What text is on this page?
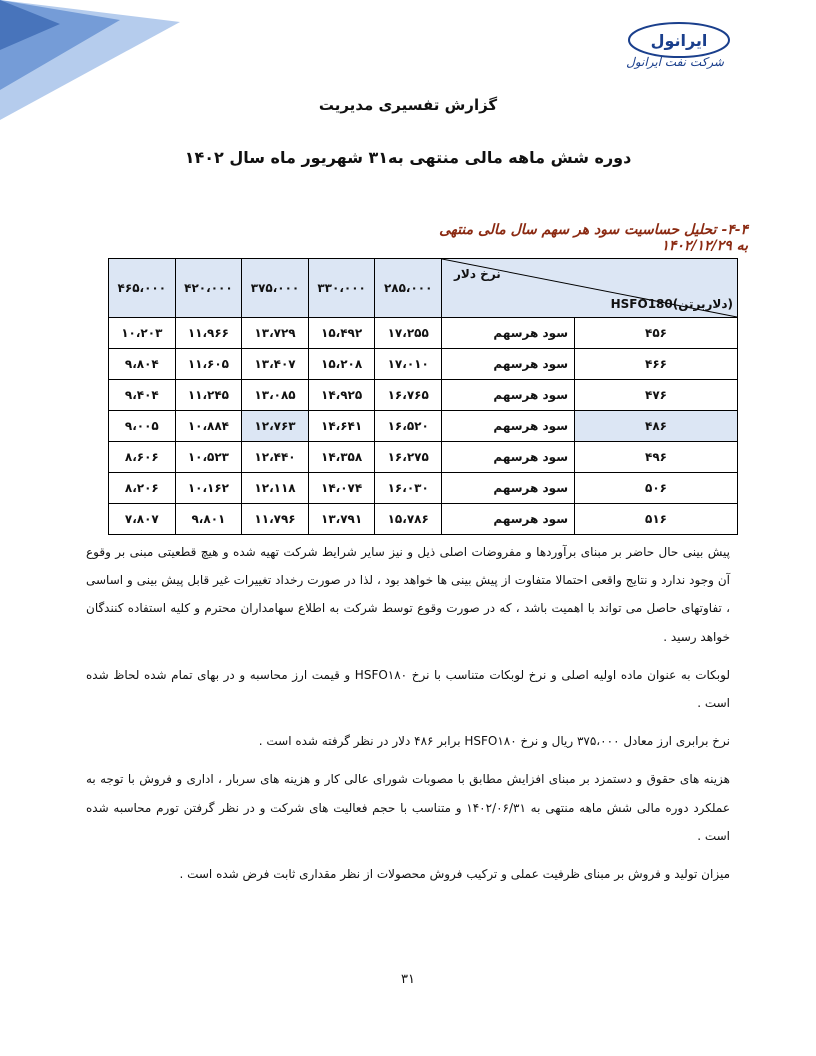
ایرانول
شرکت نفت ایرانول
گزارش تفسیری مدیریت
دوره شش ماهه مالی منتهی به۳۱ شهریور ماه سال ۱۴۰۲
۴-۴- تحلیل حساسیت سود هر سهم سال مالی منتهی به ۱۴۰۲/۱۲/۲۹
نرخ دلار
HSFO180(دلاربرتن)		۲۸۵،۰۰۰	۳۳۰،۰۰۰	۳۷۵،۰۰۰	۴۲۰،۰۰۰	۴۶۵،۰۰۰
۴۵۶	سود هرسهم	۱۷،۲۵۵	۱۵،۴۹۲	۱۳،۷۲۹	۱۱،۹۶۶	۱۰،۲۰۳
۴۶۶	سود هرسهم	۱۷،۰۱۰	۱۵،۲۰۸	۱۳،۴۰۷	۱۱،۶۰۵	۹،۸۰۴
۴۷۶	سود هرسهم	۱۶،۷۶۵	۱۴،۹۲۵	۱۳،۰۸۵	۱۱،۲۴۵	۹،۴۰۴
۴۸۶	سود هرسهم	۱۶،۵۲۰	۱۴،۶۴۱	۱۲،۷۶۳	۱۰،۸۸۴	۹،۰۰۵
۴۹۶	سود هرسهم	۱۶،۲۷۵	۱۴،۳۵۸	۱۲،۴۴۰	۱۰،۵۲۳	۸،۶۰۶
۵۰۶	سود هرسهم	۱۶،۰۳۰	۱۴،۰۷۴	۱۲،۱۱۸	۱۰،۱۶۲	۸،۲۰۶
۵۱۶	سود هرسهم	۱۵،۷۸۶	۱۳،۷۹۱	۱۱،۷۹۶	۹،۸۰۱	۷،۸۰۷

پیش بینی حال حاضر بر مبنای برآوردها و مفروضات اصلی ذیل و نیز سایر شرایط شرکت تهیه شده و هیچ قطعیتی مبنی بر وقوع آن وجود ندارد و نتایج واقعی احتمالا متفاوت از پیش بینی ها خواهد بود ، لذا در صورت رخداد تغییرات غیر قابل پیش بینی و اساسی ، تفاوتهای حاصل می تواند با اهمیت باشد ، که در صورت وقوع توسط شرکت به اطلاع سهامداران محترم و کلیه استفاده کنندگان خواهد رسید .

لوبکات به عنوان ماده اولیه اصلی و نرخ لوبکات متناسب با نرخ HSFO۱۸۰ و قیمت ارز محاسبه و در بهای تمام شده لحاظ شده است .

نرخ برابری ارز معادل ۳۷۵،۰۰۰ ریال و نرخ HSFO۱۸۰ برابر ۴۸۶ دلار در نظر گرفته شده است .

هزینه های حقوق و دستمزد بر مبنای افزایش مطابق با مصوبات شورای عالی کار و هزینه های سربار ، اداری و فروش با توجه به عملکرد دوره مالی شش ماهه منتهی به ۱۴۰۲/۰۶/۳۱ و متناسب با حجم فعالیت های شرکت و در نظر گرفتن تورم محاسبه شده است .

میزان تولید و فروش بر مبنای ظرفیت عملی و ترکیب فروش محصولات از نظر مقداری ثابت فرض شده است .

۳۱
